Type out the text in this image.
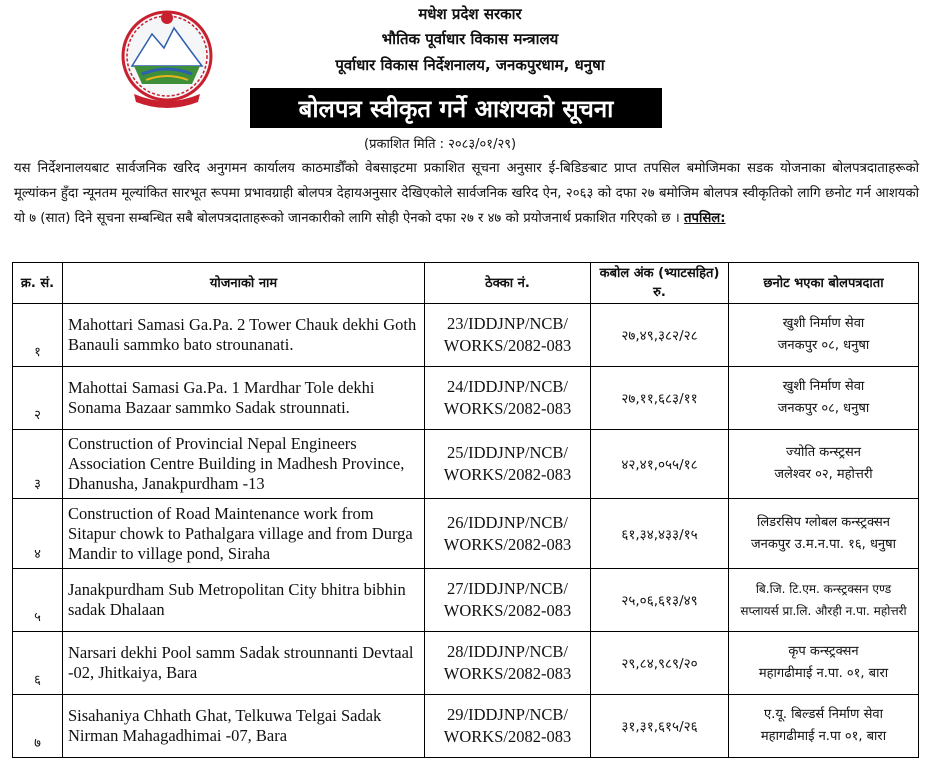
मधेश प्रदेश सरकार
भौतिक पूर्वाधार विकास मन्त्रालय
पूर्वाधार विकास निर्देशनालय, जनकपुरधाम, धनुषा
बोलपत्र स्वीकृत गर्ने आशयको सूचना
(प्रकाशित मिति : २०८३/०१/२९)
यस निर्देशनालयबाट सार्वजनिक खरिद अनुगमन कार्यालय काठमाडौँको वेबसाइटमा प्रकाशित सूचना अनुसार ई-बिडिङबाट प्राप्त तपसिल बमोजिमका सडक योजनाका बोलपत्रदाताहरूको मूल्यांकन हुँदा न्यूनतम मूल्यांकित सारभूत रूपमा प्रभावग्राही बोलपत्र देहायअनुसार देखिएकोले सार्वजनिक खरिद ऐन, २०६३ को दफा २७ बमोजिम बोलपत्र स्वीकृतिको लागि छनोट गर्न आशयको यो ७ (सात) दिने सूचना सम्बन्धित सबै बोलपत्रदाताहरूको जानकारीको लागि सोही ऐनको दफा २७ र ४७ को प्रयोजनार्थ प्रकाशित गरिएको छ । तपसिल:
क्र. सं.	योजनाको नाम	ठेक्का नं.	कबोल अंक (भ्याटसहित) रु.	छनोट भएका बोलपत्रदाता
१	Mahottari Samasi Ga.Pa. 2 Tower Chauk dekhi Goth Banauli sammko bato strounanati.	23/IDDJNP/NCB/ WORKS/2082-083	२७,४९,३८२/२८	खुशी निर्माण सेवा
जनकपुर ०८, धनुषा

२	Mahottai Samasi Ga.Pa. 1 Mardhar Tole dekhi Sonama Bazaar sammko Sadak strounnati.	24/IDDJNP/NCB/ WORKS/2082-083	२७,११,६८३/११	खुशी निर्माण सेवा
जनकपुर ०८, धनुषा

३	Construction of Provincial Nepal Engineers Association Centre Building in Madhesh Province, Dhanusha, Janakpurdham -13	25/IDDJNP/NCB/ WORKS/2082-083	४२,४१,०५५/१८	ज्योति कन्स्ट्रसन
जलेश्वर ०२, महोत्तरी

४	Construction of Road Maintenance work from Sitapur chowk to Pathalgara village and from Durga Mandir to village pond, Siraha	26/IDDJNP/NCB/ WORKS/2082-083	६१,३४,४३३/१५	लिडरसिप ग्लोबल कन्स्ट्रक्सन
जनकपुर उ.म.न.पा. १६, धनुषा

५	Janakpurdham Sub Metropolitan City bhitra bibhin sadak Dhalaan	27/IDDJNP/NCB/ WORKS/2082-083	२५,०६,६१३/४९	बि.जि. टि.एम. कन्स्ट्रक्सन एण्ड
सप्लायर्स प्रा.लि. औरही न.पा. महोत्तरी

६	Narsari dekhi Pool samm Sadak strounnanti Devtaal -02, Jhitkaiya, Bara	28/IDDJNP/NCB/ WORKS/2082-083	२९,८४,९८९/२०	कृप कन्स्ट्रक्सन
महागढीमाई न.पा. ०१, बारा

७	Sisahaniya Chhath Ghat, Telkuwa Telgai Sadak Nirman Mahagadhimai -07, Bara	29/IDDJNP/NCB/ WORKS/2082-083	३१,३१,६१५/२६	ए.यू. बिल्डर्स निर्माण सेवा
महागढीमाई न.पा ०१, बारा
